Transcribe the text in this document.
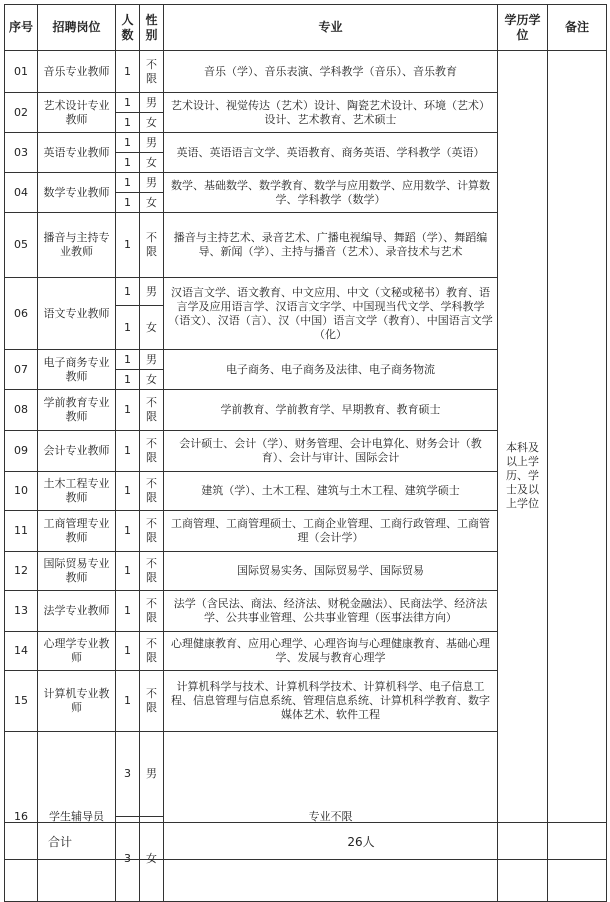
序号	招聘岗位	人数	性别	专业	学历学位	备注	
01	音乐专业教师	1	不限	音乐（学）、音乐表演、学科教学（音乐）、音乐教育	本科及以上学历、学士及以上学位		
02	艺术设计专业教师	1	男	艺术设计、视觉传达（艺术）设计、陶瓷艺术设计、环境（艺术）设计、艺术教育、艺术硕士			
		1	女				
03	英语专业教师	1	男	英语、英语语言文学、英语教育、商务英语、学科教学（英语）			
		1	女				
04	数学专业教师	1	男	数学、基础数学、数学教育、数学与应用数学、应用数学、计算数学、学科教学（数学）			
		1	女				
05	播音与主持专业教师	1	不限	播音与主持艺术、录音艺术、广播电视编导、舞蹈（学）、舞蹈编导、新闻（学）、主持与播音（艺术）、录音技术与艺术			
06	语文专业教师	1	男	汉语言文学、语文教育、中文应用、中文（文秘或秘书）教育、语言学及应用语言学、汉语言文字学、中国现当代文学、学科教学（语文）、汉语（言）、汉（中国）语言文学（教育）、中国语言文学（化）			
		1	女				
07	电子商务专业教师	1	男	电子商务、电子商务及法律、电子商务物流			
		1	女				
08	学前教育专业教师	1	不限	学前教育、学前教育学、早期教育、教育硕士			
09	会计专业教师	1	不限	会计硕士、会计（学）、财务管理、会计电算化、财务会计（教育）、会计与审计、国际会计			
10	土木工程专业教师	1	不限	建筑（学）、土木工程、建筑与土木工程、建筑学硕士			
11	工商管理专业教师	1	不限	工商管理、工商管理硕士、工商企业管理、工商行政管理、工商管理（会计学）			
12	国际贸易专业教师	1	不限	国际贸易实务、国际贸易学、国际贸易			
13	法学专业教师	1	不限	法学（含民法、商法、经济法、财税金融法）、民商法学、经济法学、公共事业管理、公共事业管理（医事法律方向）			
14	心理学专业教师	1	不限	心理健康教育、应用心理学、心理咨询与心理健康教育、基础心理学、发展与教育心理学			
15	计算机专业教师	1	不限	计算机科学与技术、计算机科学技术、计算机科学、电子信息工程、信息管理与信息系统、管理信息系统、计算机科学教育、数字媒体艺术、软件工程			
16	学生辅导员	3	男	专业不限		
		3	女	
合计	26人
